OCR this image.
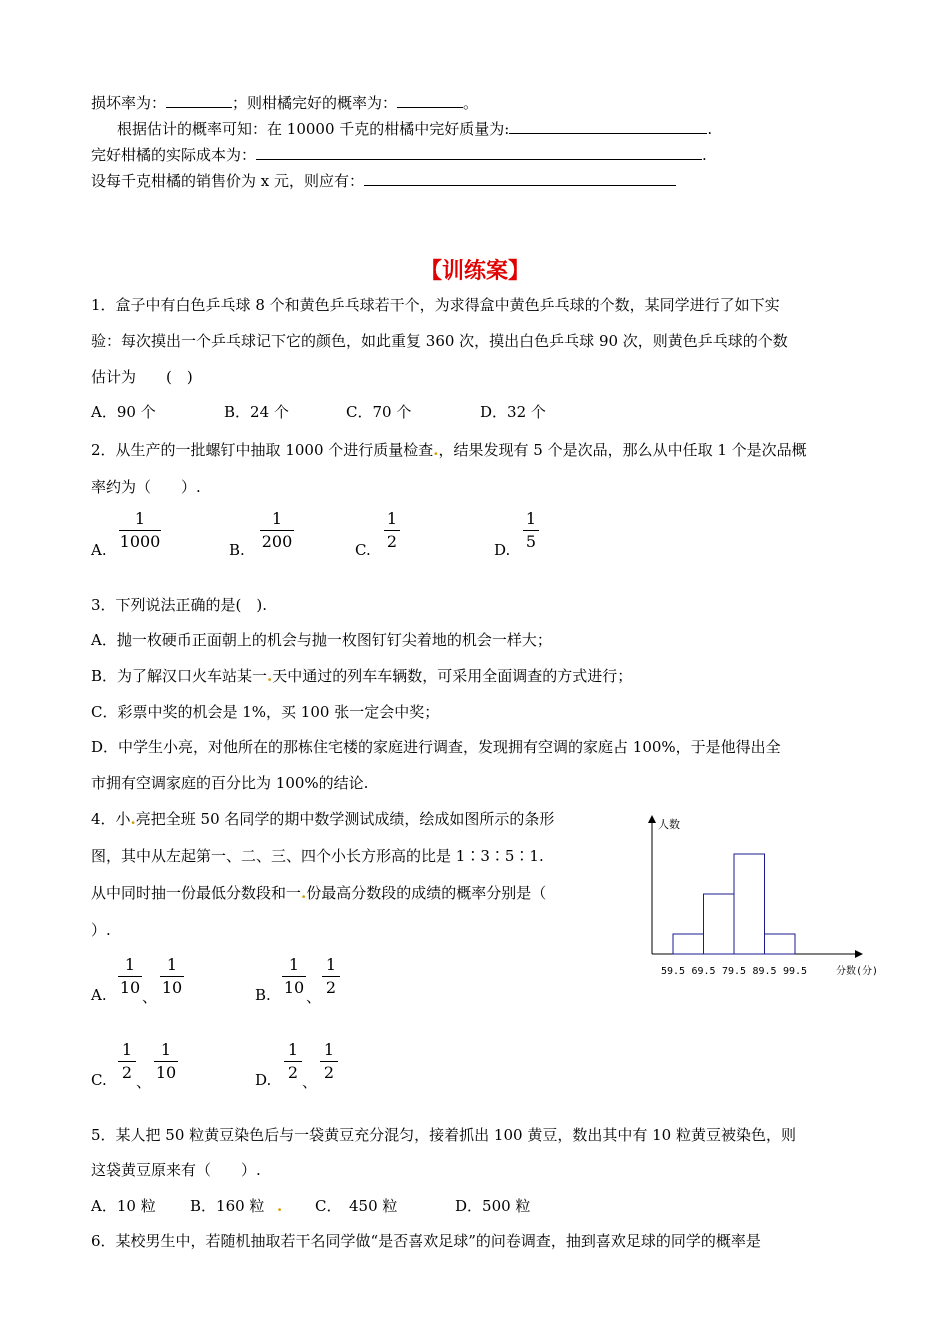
损坏率为：	；则柑橘完好的概率为：	。
根据估计的概率可知：在 10000 千克的柑橘中完好质量为:	.
完好柑橘的实际成本为：	.
设每千克柑橘的销售价为 x 元，则应有：
【训练案】
1．盒子中有白色乒乓球 8 个和黄色乒乓球若干个，为求得盒中黄色乒乓球的个数，某同学进行了如下实
验：每次摸出一个乒乓球记下它的颜色，如此重复 360 次，摸出白色乒乓球 90 次，则黄色乒乓球的个数
估计为　　(　)
A．90 个	B．24 个	C．70 个	D．32 个
2．从生产的一批螺钉中抽取 1000 个进行质量检查.，结果发现有 5 个是次品，那么从中任取 1 个是次品概
率约为（　　）.
A.
1
1000	B.
1
200	C.
1
2	D.
1
5
3．下列说法正确的是(　).
A．抛一枚硬币正面朝上的机会与抛一枚图钉钉尖着地的机会一样大；
B．为了解汉口火车站某一.天中通过的列车车辆数，可采用全面调查的方式进行；
C．彩票中奖的机会是 1%，买 100 张一定会中奖；
D．中学生小亮，对他所在的那栋住宅楼的家庭进行调查，发现拥有空调的家庭占 100%，于是他得出全
市拥有空调家庭的百分比为 100%的结论.
4．小.亮把全班 50 名同学的期中数学测试成绩，绘成如图所示的条形
图，其中从左起第一、二、三、四个小长方形高的比是 1∶3∶5∶1.
从中同时抽一份最低分数段和一.份最高分数段的成绩的概率分别是（
）.
A.
1
10 、
1
10	B.
1
10 、
1
2
C.
1
2 、
1
10	D.
1
2 、
1
2
人数
分数(分)
59.5 69.5 79.5 89.5 99.5
5．某人把 50 粒黄豆染色后与一袋黄豆充分混匀，接着抓出 100 黄豆，数出其中有 10 粒黄豆被染色，则
这袋黄豆原来有（　　）.
A．10 粒 B．160 粒 . C．　450 粒	D．500 粒
6．某校男生中，若随机抽取若干名同学做“是否喜欢足球”的问卷调查，抽到喜欢足球的同学的概率是
